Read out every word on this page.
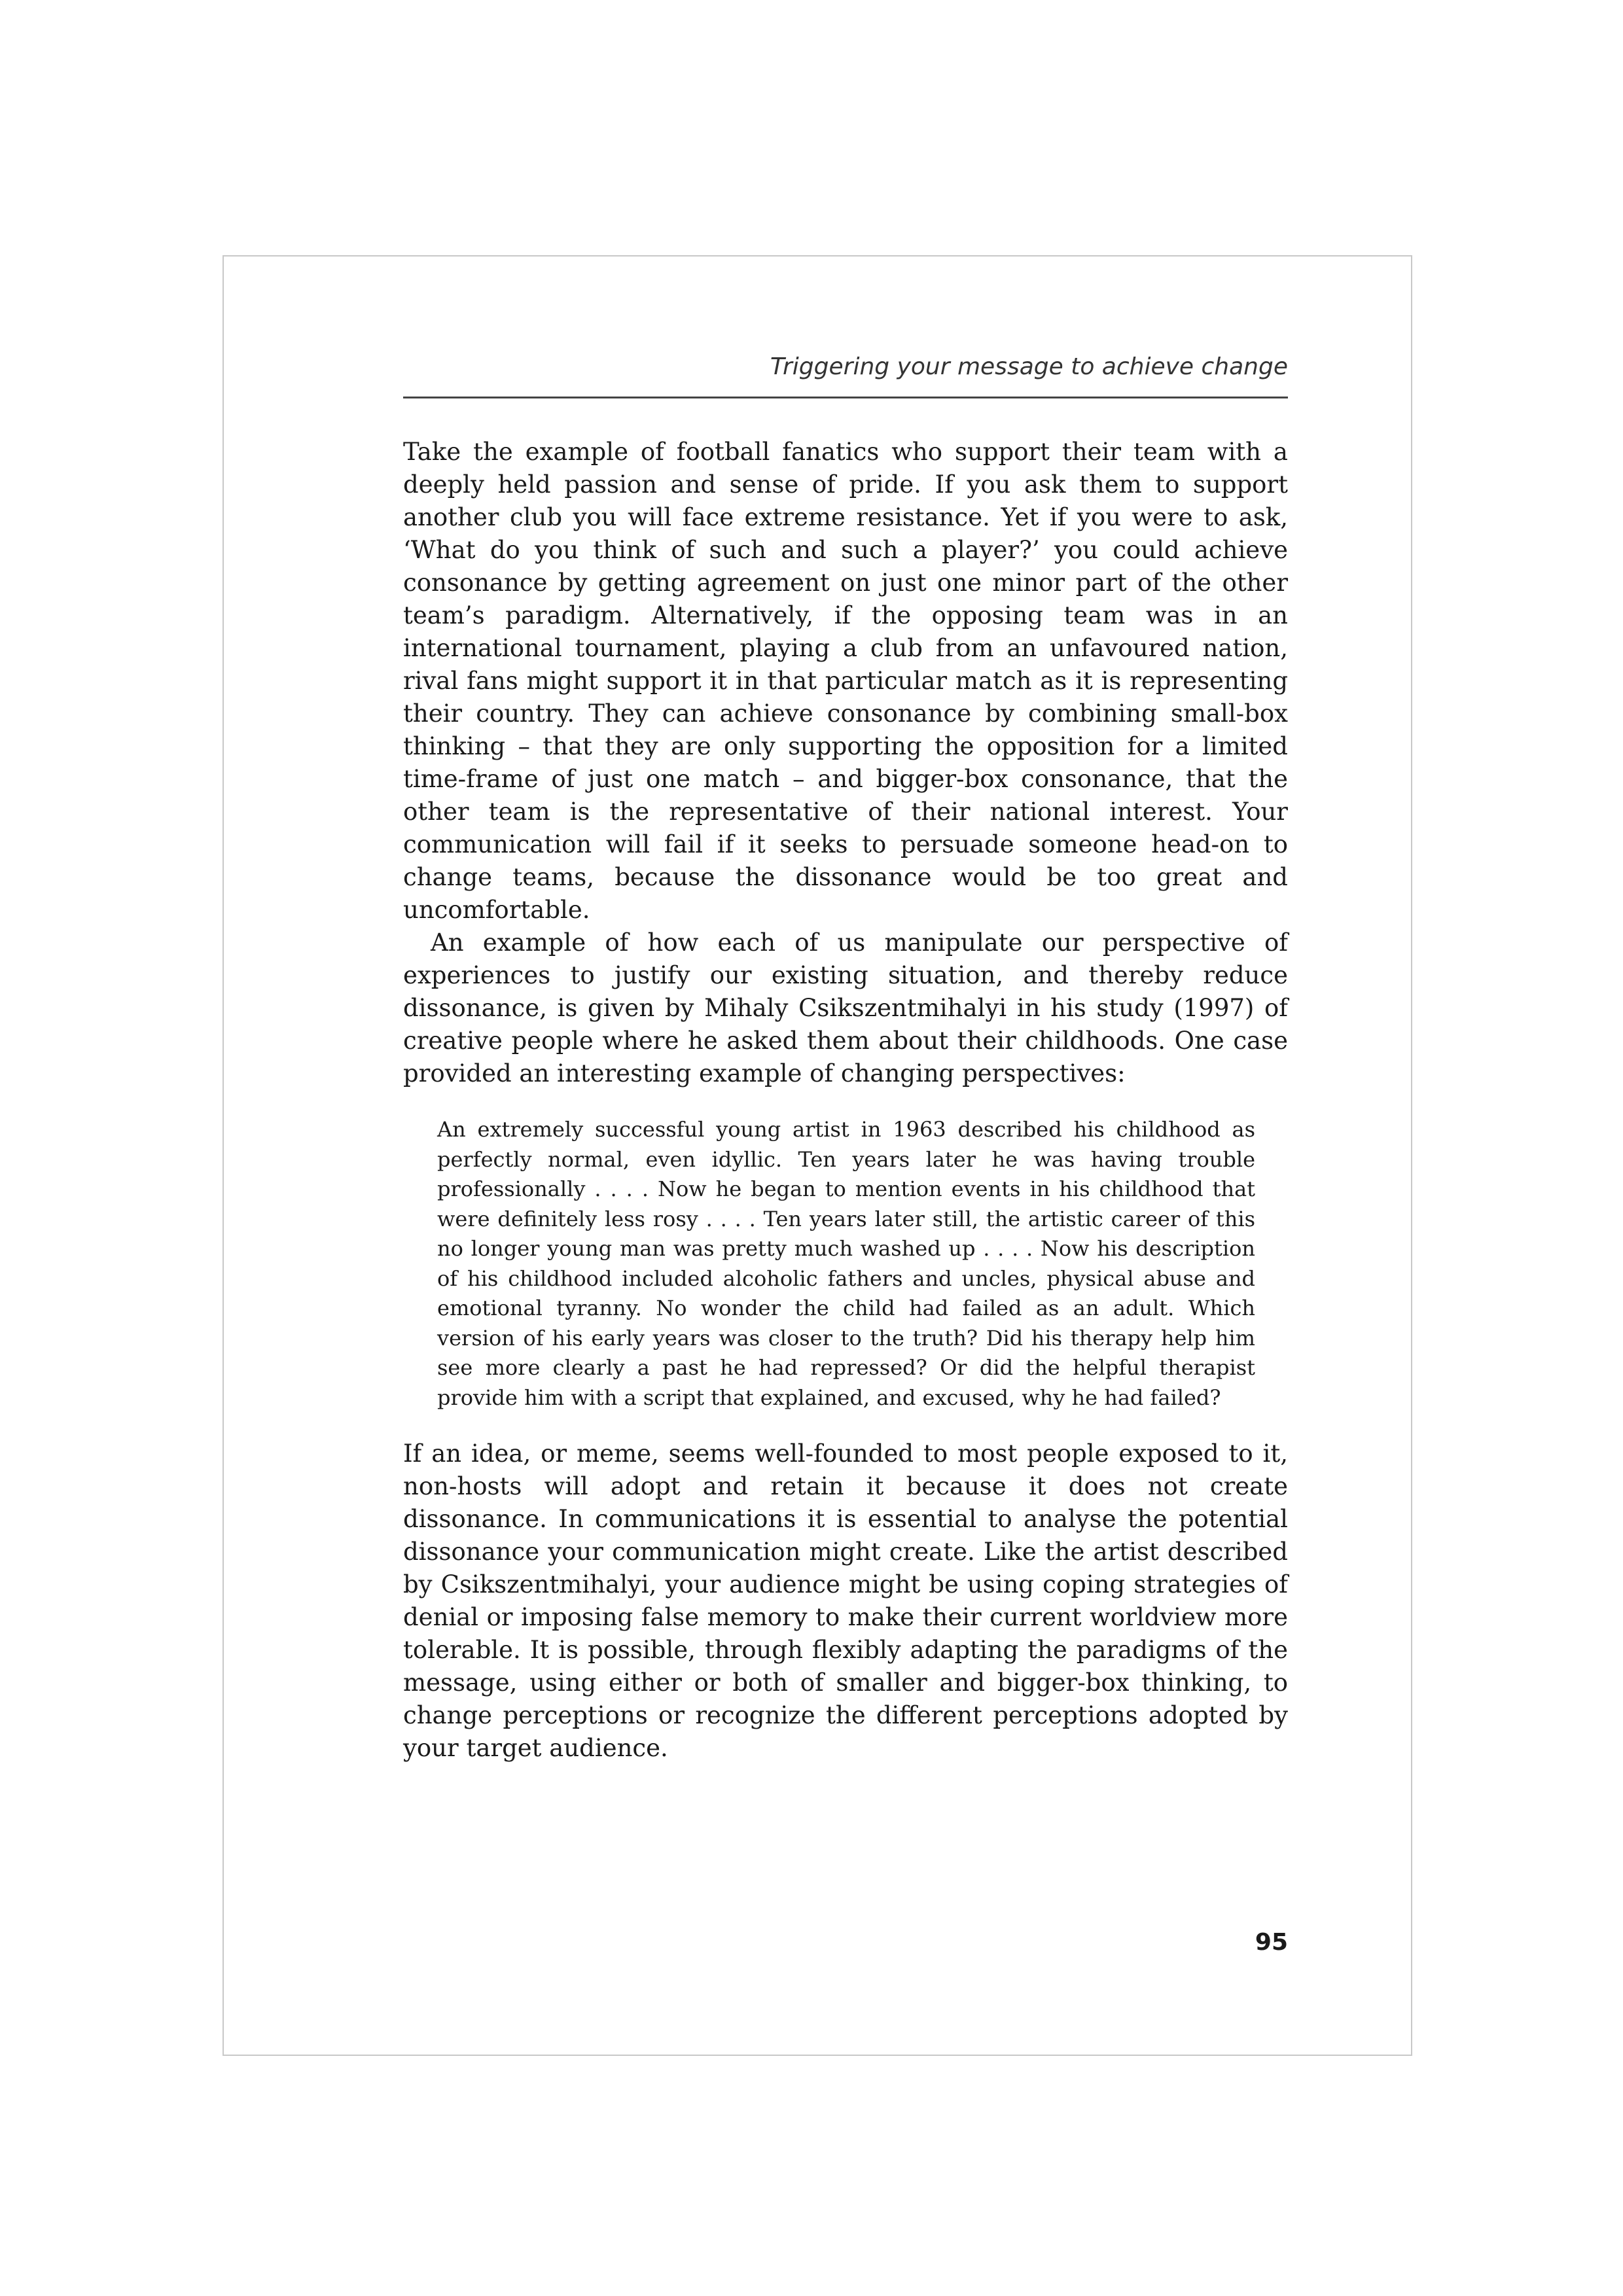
Triggering your message to achieve change

Take the example of football fanatics who support their team with a deeply held passion and sense of pride. If you ask them to support another club you will face extreme resistance. Yet if you were to ask, ‘What do you think of such and such a player?’ you could achieve consonance by getting agreement on just one minor part of the other team’s paradigm. Alternatively, if the opposing team was in an international tournament, playing a club from an unfavoured nation, rival fans might support it in that particular match as it is representing their country. They can achieve consonance by combining small-box thinking – that they are only supporting the opposition for a limited time-frame of just one match – and bigger-box consonance, that the other team is the representative of their national interest. Your communication will fail if it seeks to persuade someone head-on to change teams, because the dissonance would be too great and uncomfortable.

An example of how each of us manipulate our perspective of experiences to justify our existing situation, and thereby reduce dissonance, is given by Mihaly Csikszentmihalyi in his study (1997) of creative people where he asked them about their childhoods. One case provided an interesting example of changing perspectives:

An extremely successful young artist in 1963 described his childhood as perfectly normal, even idyllic. Ten years later he was having trouble professionally . . . . Now he began to mention events in his childhood that were definitely less rosy . . . . Ten years later still, the artistic career of this no longer young man was pretty much washed up . . . . Now his description of his childhood included alcoholic fathers and uncles, physical abuse and emotional tyranny. No wonder the child had failed as an adult. Which version of his early years was closer to the truth? Did his therapy help him see more clearly a past he had repressed? Or did the helpful therapist provide him with a script that explained, and excused, why he had failed?

If an idea, or meme, seems well-founded to most people exposed to it, non-hosts will adopt and retain it because it does not create dissonance. In communications it is essential to analyse the potential dissonance your communication might create. Like the artist described by Csikszentmihalyi, your audience might be using coping strategies of denial or imposing false memory to make their current worldview more tolerable. It is possible, through flexibly adapting the paradigms of the message, using either or both of smaller and bigger-box thinking, to change perceptions or recognize the different perceptions adopted by your target audience.

95
